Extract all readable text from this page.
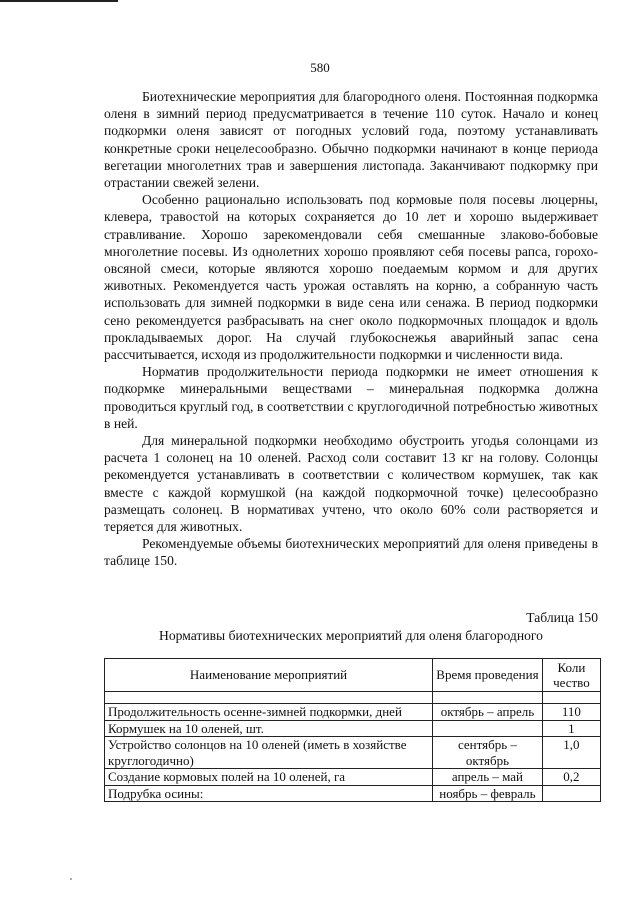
580

Биотехнические мероприятия для благородного оленя. Постоянная подкормка оленя в зимний период предусматривается в течение 110 суток. Начало и конец подкормки оленя зависят от погодных условий года, поэтому устанавливать конкретные сроки нецелесообразно. Обычно подкормки начинают в конце периода вегетации многолетних трав и завершения листопада. Заканчивают подкормку при отрастании свежей зелени.

Особенно рационально использовать под кормовые поля посевы люцерны, клевера, травостой на которых сохраняется до 10 лет и хорошо выдерживает стравливание. Хорошо зарекомендовали себя смешанные злаково-бобовые многолетние посевы. Из однолетних хорошо проявляют себя посевы рапса, горохо-овсяной смеси, которые являются хорошо поедаемым кормом и для других животных. Рекомендуется часть урожая оставлять на корню, а собранную часть использовать для зимней подкормки в виде сена или сенажа. В период подкормки сено рекомендуется разбрасывать на снег около подкормочных площадок и вдоль прокладываемых дорог. На случай глубокоснежья аварийный запас сена рассчитывается, исходя из продолжительности подкормки и численности вида.

Норматив продолжительности периода подкормки не имеет отношения к подкормке минеральными веществами – минеральная подкормка должна проводиться круглый год, в соответствии с круглогодичной потребностью животных в ней.

Для минеральной подкормки необходимо обустроить угодья солонцами из расчета 1 солонец на 10 оленей. Расход соли составит 13 кг на голову. Солонцы рекомендуется устанавливать в соответствии с количеством кормушек, так как вместе с каждой кормушкой (на каждой подкормочной точке) целесообразно размещать солонец. В нормативах учтено, что около 60% соли растворяется и теряется для животных.

Рекомендуемые объемы биотехнических мероприятий для оленя приведены в таблице 150.

Таблица 150
Нормативы биотехнических мероприятий для оленя благородного
Наименование мероприятий	Время проведения	Коли чество

Продолжительность осенне-зимней подкормки, дней	октябрь – апрель	110
Кормушек на 10 оленей, шт.		1
Устройство солонцов на 10 оленей (иметь в хозяйстве круглогодично)	сентябрь – октябрь	1,0
Создание кормовых полей на 10 оленей, га	апрель – май	0,2
Подрубка осины:	ноябрь – февраль	
